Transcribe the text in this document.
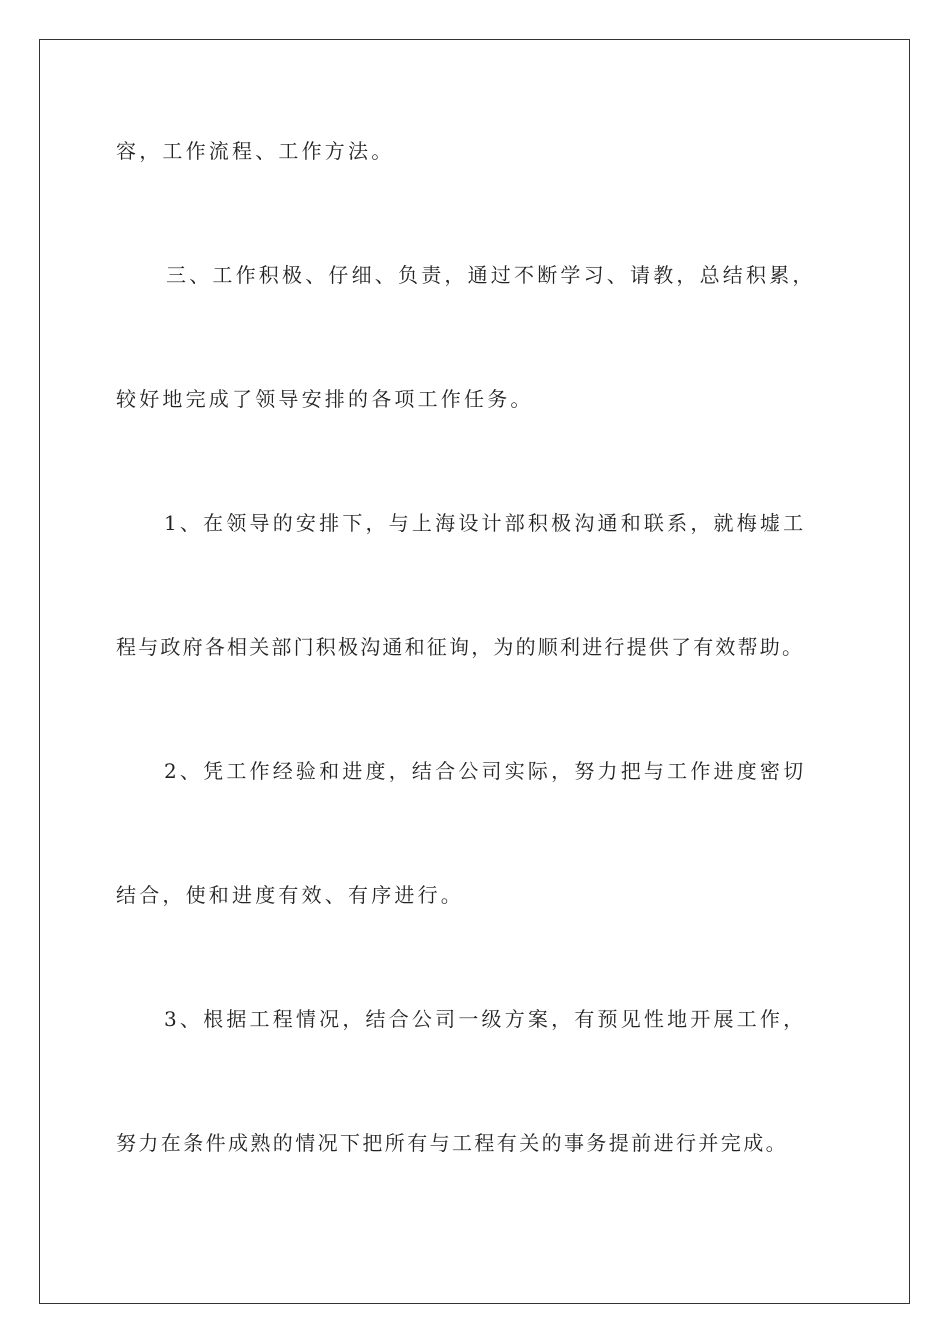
容，工作流程、工作方法。

三、工作积极、仔细、负责，通过不断学习、请教，总结积累，

较好地完成了领导安排的各项工作任务。

1、在领导的安排下，与上海设计部积极沟通和联系，就梅墟工

程与政府各相关部门积极沟通和征询，为的顺利进行提供了有效帮助。

2、凭工作经验和进度，结合公司实际，努力把与工作进度密切

结合，使和进度有效、有序进行。

3、根据工程情况，结合公司一级方案，有预见性地开展工作，

努力在条件成熟的情况下把所有与工程有关的事务提前进行并完成。
